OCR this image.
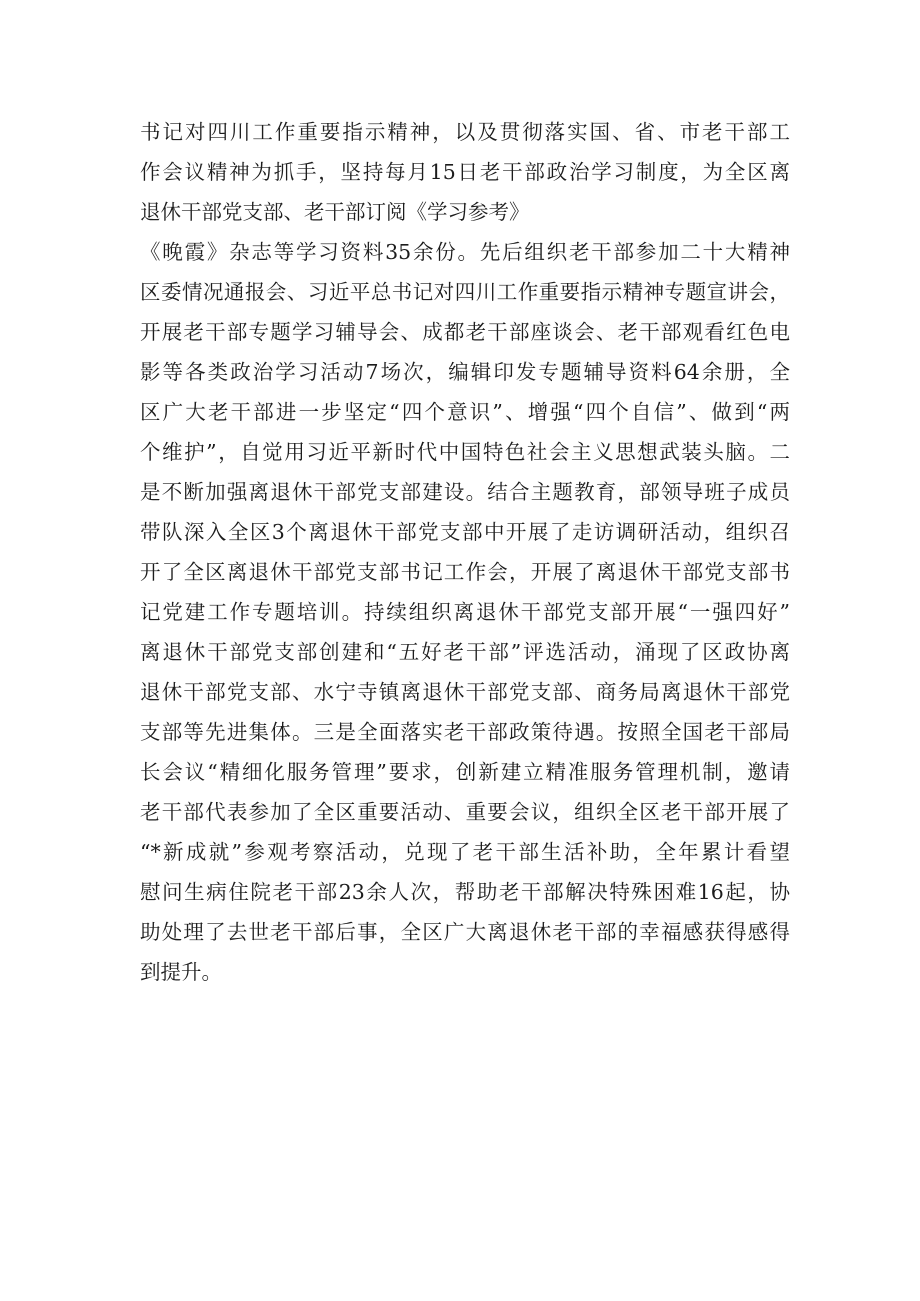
书记对四川工作重要指示精神，以及贯彻落实国、省、市老干部工
作会议精神为抓手，坚持每月15日老干部政治学习制度，为全区离
退休干部党支部、老干部订阅《学习参考》
《晚霞》杂志等学习资料35余份。先后组织老干部参加二十大精神
区委情况通报会、习近平总书记对四川工作重要指示精神专题宣讲会，
开展老干部专题学习辅导会、成都老干部座谈会、老干部观看红色电
影等各类政治学习活动7场次，编辑印发专题辅导资料64余册，全
区广大老干部进一步坚定“四个意识”、增强“四个自信”、做到“两
个维护”，自觉用习近平新时代中国特色社会主义思想武装头脑。二
是不断加强离退休干部党支部建设。结合主题教育，部领导班子成员
带队深入全区3个离退休干部党支部中开展了走访调研活动，组织召
开了全区离退休干部党支部书记工作会，开展了离退休干部党支部书
记党建工作专题培训。持续组织离退休干部党支部开展“一强四好”
离退休干部党支部创建和“五好老干部”评选活动，涌现了区政协离
退休干部党支部、水宁寺镇离退休干部党支部、商务局离退休干部党
支部等先进集体。三是全面落实老干部政策待遇。按照全国老干部局
长会议“精细化服务管理”要求，创新建立精准服务管理机制，邀请
老干部代表参加了全区重要活动、重要会议，组织全区老干部开展了
“*新成就”参观考察活动，兑现了老干部生活补助，全年累计看望
慰问生病住院老干部23余人次，帮助老干部解决特殊困难16起，协
助处理了去世老干部后事，全区广大离退休老干部的幸福感获得感得
到提升。
